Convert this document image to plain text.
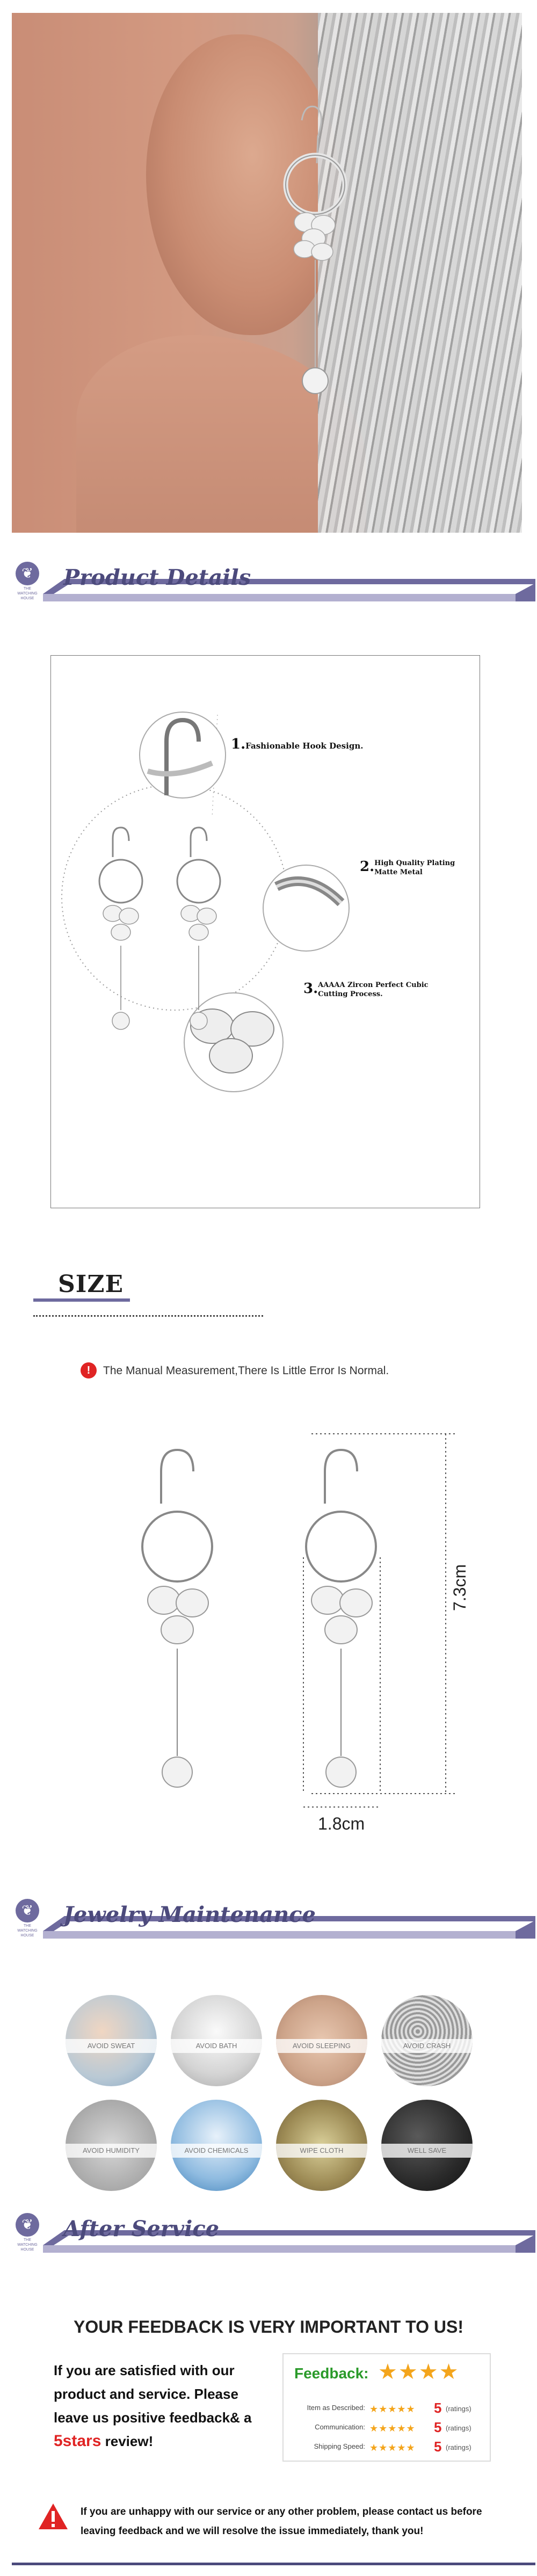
❦
THE
WATCHING
HOUSE
Product Details
1.Fashionable Hook Design.
2.High Quality Plating
Matte Metal
3.AAAAA Zircon Perfect Cubic
Cutting Process.
SIZE
!	The Manual Measurement,There Is Little Error Is Normal.
7.3cm
1.8cm
❦
THE
WATCHING
HOUSE
Jewelry Maintenance
AVOID SWEAT	AVOID BATH	AVOID SLEEPING	AVOID CRASH
AVOID HUMIDITY	AVOID CHEMICALS	WIPE CLOTH	WELL SAVE
❦
THE
WATCHING
HOUSE
After Service
YOUR FEEDBACK IS VERY IMPORTANT TO US!
If you are satisfied with our product and service. Please leave us positive feedback& a 5stars review!
Feedback: ★★★★
Item as Described: ★★★★★ 5 (ratings)
Communication: ★★★★★ 5 (ratings)
Shipping Speed: ★★★★★ 5 (ratings)
If you are unhappy with our service or any other problem, please contact us before leaving feedback and we will resolve the issue immediately, thank you!
